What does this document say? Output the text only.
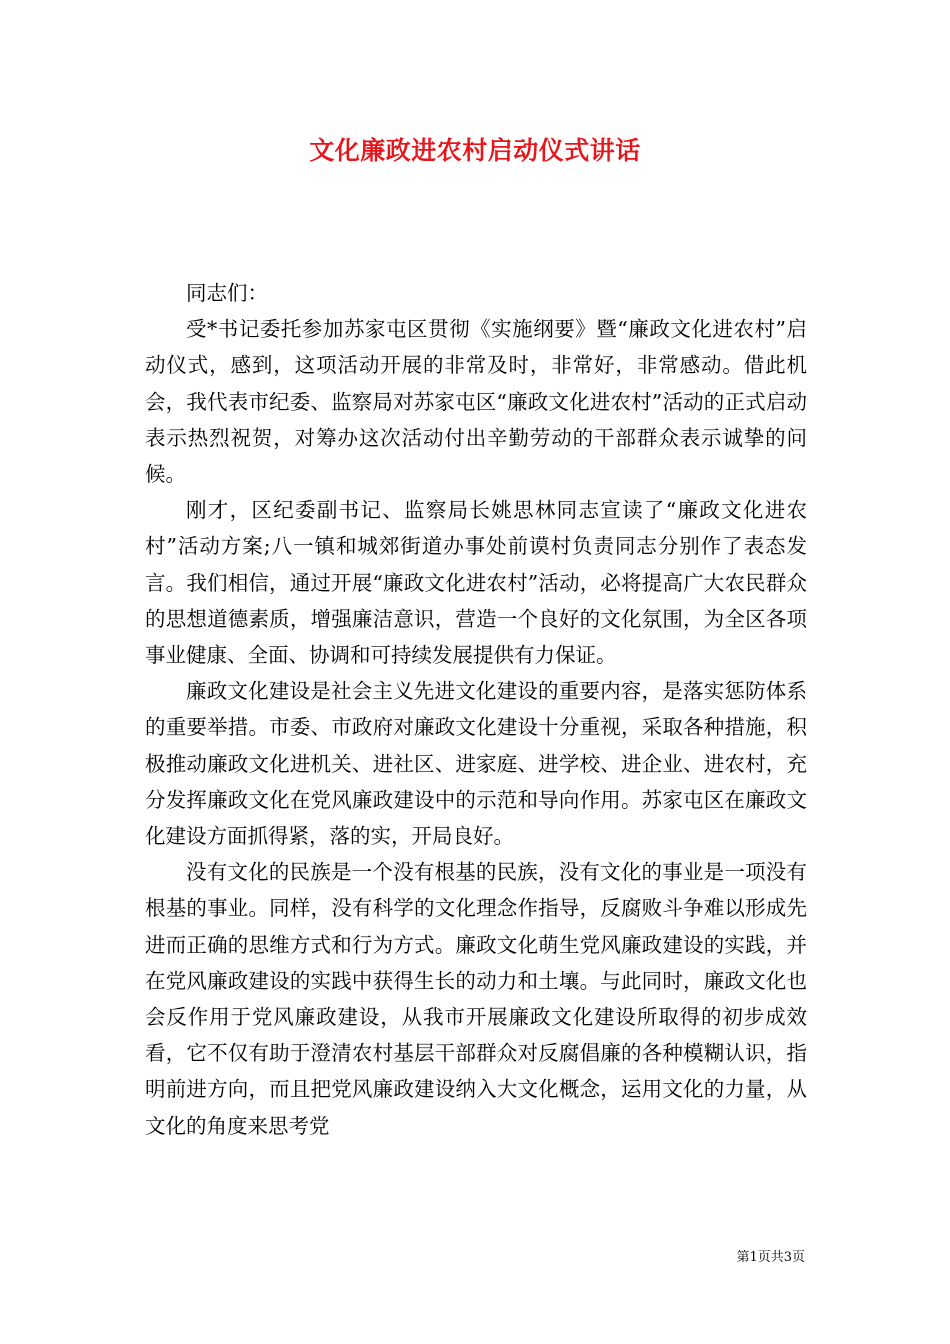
文化廉政进农村启动仪式讲话

同志们：

受*书记委托参加苏家屯区贯彻《实施纲要》暨“廉政文化进农村”启动仪式，感到，这项活动开展的非常及时，非常好，非常感动。借此机会，我代表市纪委、监察局对苏家屯区“廉政文化进农村”活动的正式启动表示热烈祝贺，对筹办这次活动付出辛勤劳动的干部群众表示诚挚的问候。

刚才，区纪委副书记、监察局长姚思林同志宣读了“廉政文化进农村”活动方案;八一镇和城郊街道办事处前谟村负责同志分别作了表态发言。我们相信，通过开展“廉政文化进农村”活动，必将提高广大农民群众的思想道德素质，增强廉洁意识，营造一个良好的文化氛围，为全区各项事业健康、全面、协调和可持续发展提供有力保证。

廉政文化建设是社会主义先进文化建设的重要内容，是落实惩防体系的重要举措。市委、市政府对廉政文化建设十分重视，采取各种措施，积极推动廉政文化进机关、进社区、进家庭、进学校、进企业、进农村，充分发挥廉政文化在党风廉政建设中的示范和导向作用。苏家屯区在廉政文化建设方面抓得紧，落的实，开局良好。

没有文化的民族是一个没有根基的民族，没有文化的事业是一项没有根基的事业。同样，没有科学的文化理念作指导，反腐败斗争难以形成先进而正确的思维方式和行为方式。廉政文化萌生党风廉政建设的实践，并在党风廉政建设的实践中获得生长的动力和土壤。与此同时，廉政文化也会反作用于党风廉政建设，从我市开展廉政文化建设所取得的初步成效看，它不仅有助于澄清农村基层干部群众对反腐倡廉的各种模糊认识，指明前进方向，而且把党风廉政建设纳入大文化概念，运用文化的力量，从文化的角度来思考党

第1页共3页
